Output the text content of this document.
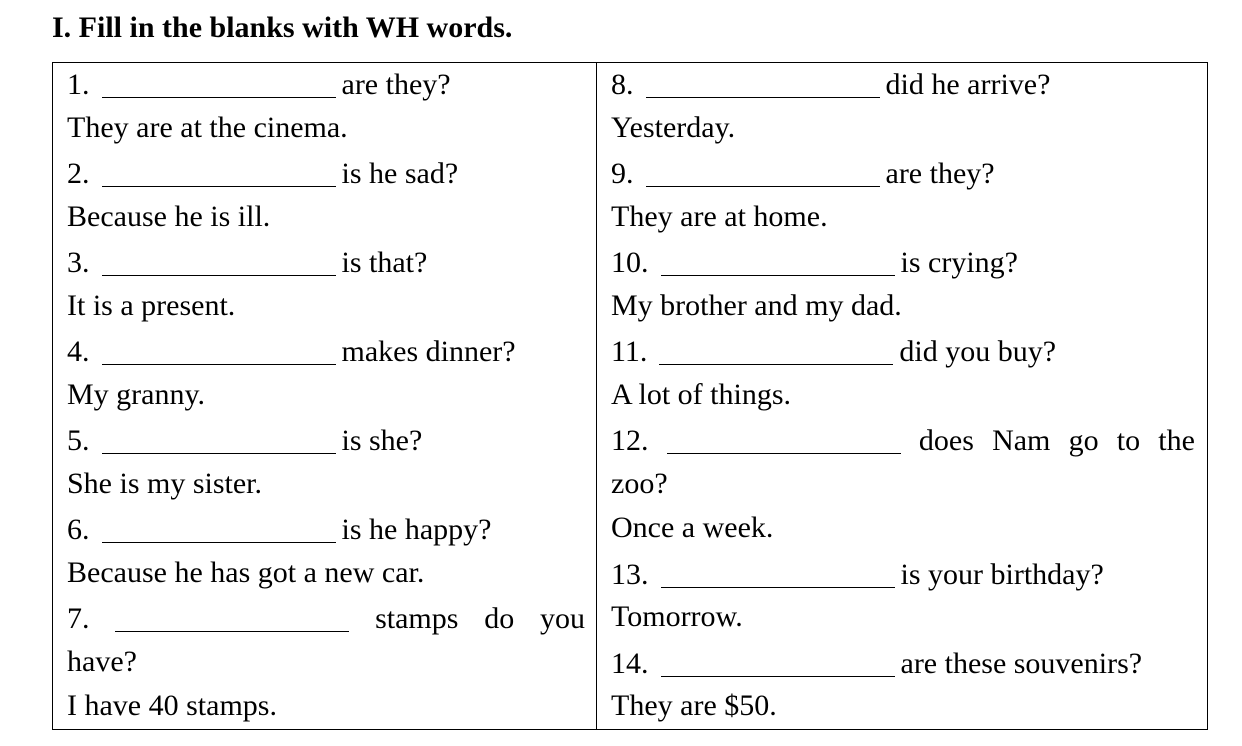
I. Fill in the blanks with WH words.
1.	are they?
They are at the cinema.
2.	is he sad?
Because he is ill.
3.	is that?
It is a present.
4.	makes dinner?
My granny.
5.	is she?
She is my sister.
6.	is he happy?
Because he has got a new car.
7.	stamps do you
have?
I have 40 stamps.
8.	did he arrive?
Yesterday.
9.	are they?
They are at home.
10.	is crying?
My brother and my dad.
11.	did you buy?
A lot of things.
12.	does Nam go to the
zoo?
Once a week.
13.	is your birthday?
Tomorrow.
14.	are these souvenirs?
They are $50.
